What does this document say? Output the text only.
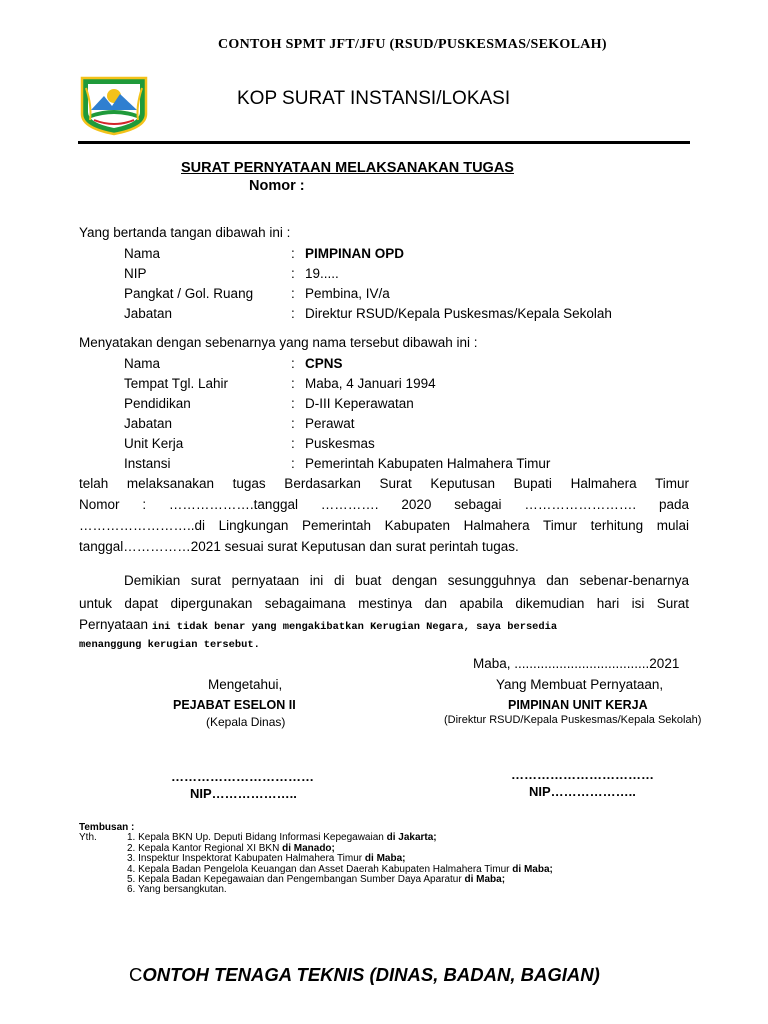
CONTOH SPMT JFT/JFU (RSUD/PUSKESMAS/SEKOLAH)
KOP SURAT INSTANSI/LOKASI
SURAT PERNYATAAN MELAKSANAKAN TUGAS
Nomor :
Yang bertanda tangan dibawah ini :
Nama	: PIMPINAN OPD
NIP	: 19.....
Pangkat / Gol. Ruang	: Pembina, IV/a
Jabatan	: Direktur RSUD/Kepala Puskesmas/Kepala Sekolah
Menyatakan dengan sebenarnya yang nama tersebut dibawah ini :
Nama	: CPNS
Tempat Tgl. Lahir	: Maba, 4 Januari 1994
Pendidikan	: D-III Keperawatan
Jabatan	: Perawat
Unit Kerja	: Puskesmas
Instansi	: Pemerintah Kabupaten Halmahera Timur
telah melaksanakan tugas Berdasarkan Surat Keputusan Bupati Halmahera Timur
Nomor : ……………….tanggal …………. 2020 sebagai ……………………. pada
……………………..di Lingkungan Pemerintah Kabupaten Halmahera Timur terhitung mulai
tanggal……………2021 sesuai surat Keputusan dan surat perintah tugas.
Demikian surat pernyataan ini di buat dengan sesungguhnya dan sebenar-benarnya
untuk dapat dipergunakan sebagaimana mestinya dan apabila dikemudian hari isi Surat
Pernyataan ini tidak benar yang mengakibatkan Kerugian Negara, saya bersedia
menanggung kerugian tersebut.
Maba, ....................................2021
Mengetahui,
PEJABAT ESELON II
(Kepala Dinas)
……………………………
NIP………………..
Yang Membuat Pernyataan,
PIMPINAN UNIT KERJA
(Direktur RSUD/Kepala Puskesmas/Kepala Sekolah)
……………………………
NIP………………..
Tembusan :
Yth.	1. Kepala BKN Up. Deputi Bidang Informasi Kepegawaian di Jakarta;
2. Kepala Kantor Regional XI BKN di Manado;
3. Inspektur Inspektorat Kabupaten Halmahera Timur di Maba;
4. Kepala Badan Pengelola Keuangan dan Asset Daerah Kabupaten Halmahera Timur di Maba;
5. Kepala Badan Kepegawaian dan Pengembangan Sumber Daya Aparatur di Maba;
6. Yang bersangkutan.
CONTOH TENAGA TEKNIS (DINAS, BADAN, BAGIAN)
